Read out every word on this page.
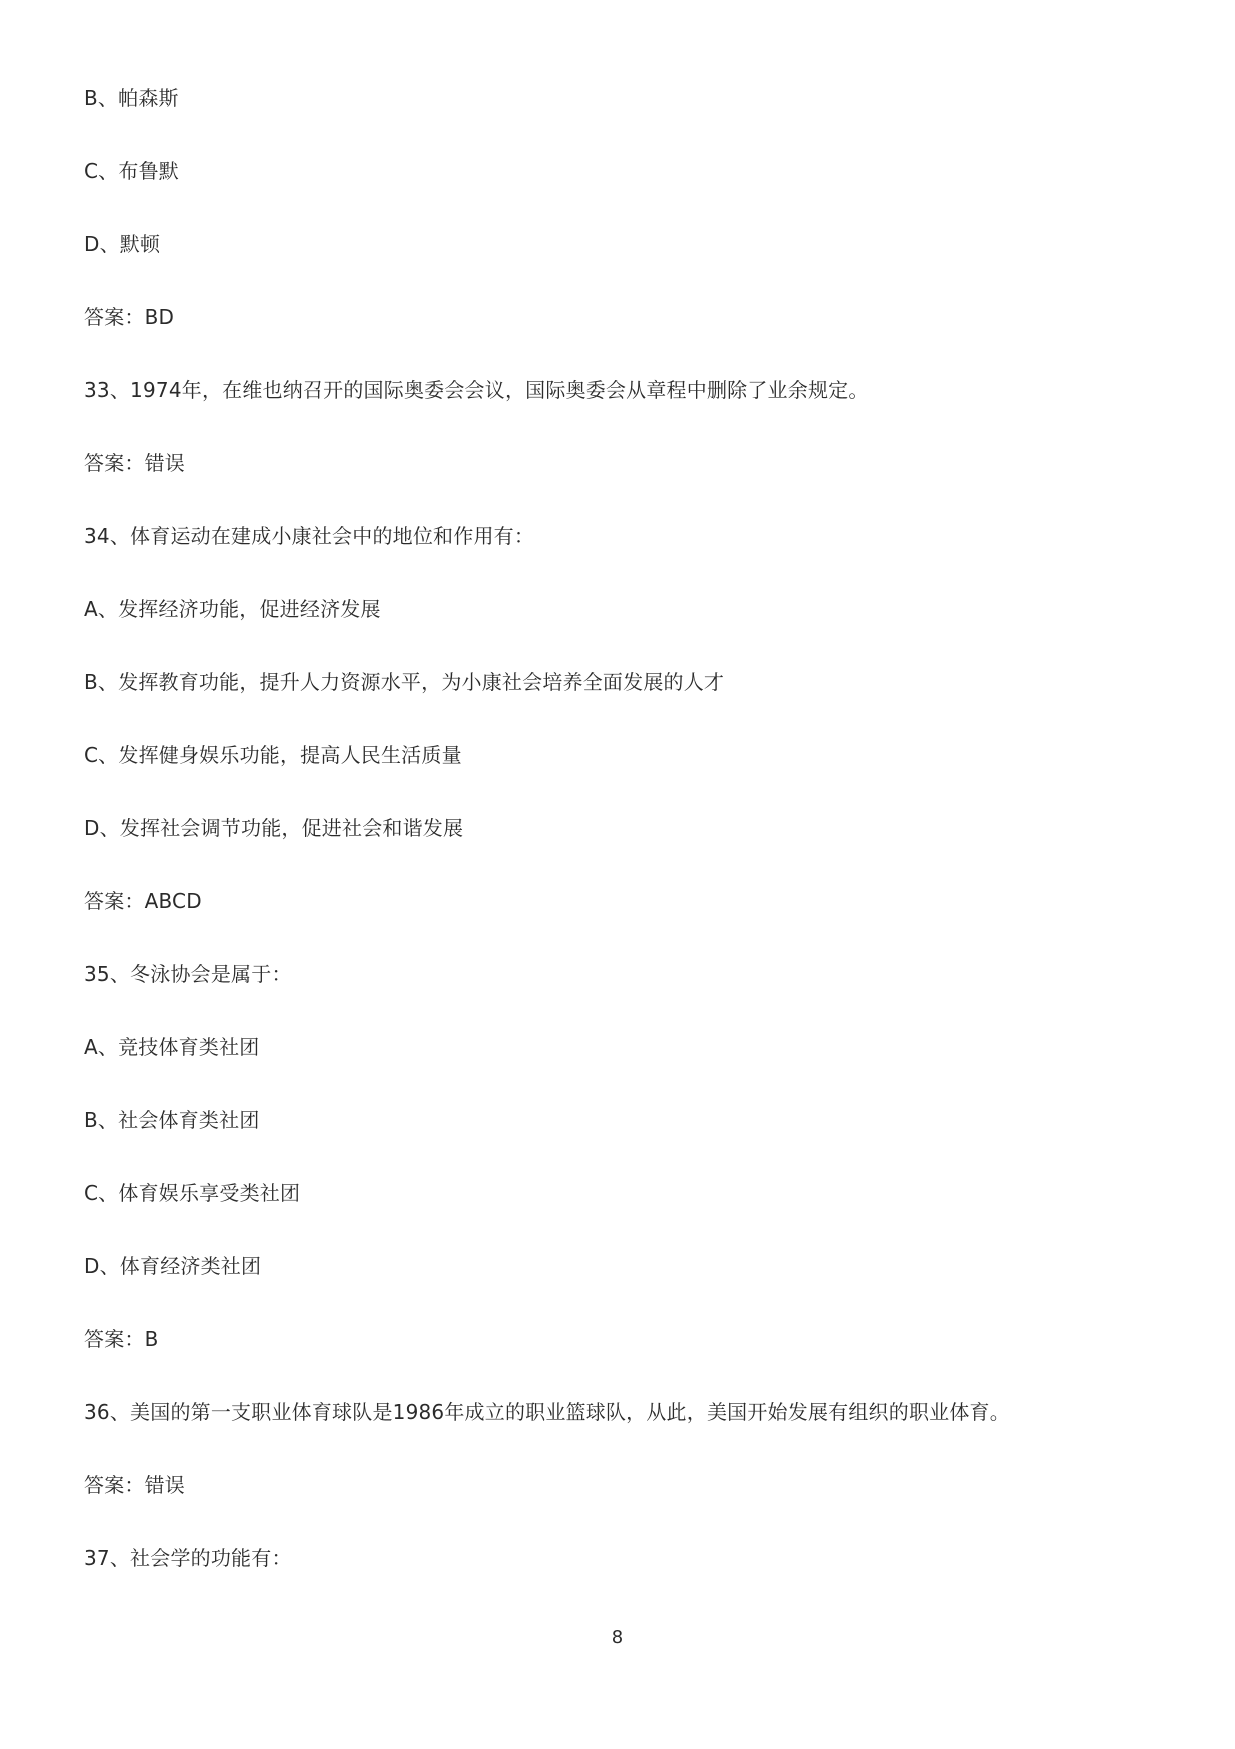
B、帕森斯
C、布鲁默
D、默顿
答案：BD
33、1974年，在维也纳召开的国际奥委会会议，国际奥委会从章程中删除了业余规定。
答案：错误
34、体育运动在建成小康社会中的地位和作用有：
A、发挥经济功能，促进经济发展
B、发挥教育功能，提升人力资源水平，为小康社会培养全面发展的人才
C、发挥健身娱乐功能，提高人民生活质量
D、发挥社会调节功能，促进社会和谐发展
答案：ABCD
35、冬泳协会是属于：
A、竞技体育类社团
B、社会体育类社团
C、体育娱乐享受类社团
D、体育经济类社团
答案：B
36、美国的第一支职业体育球队是1986年成立的职业篮球队，从此，美国开始发展有组织的职业体育。
答案：错误
37、社会学的功能有：
8
